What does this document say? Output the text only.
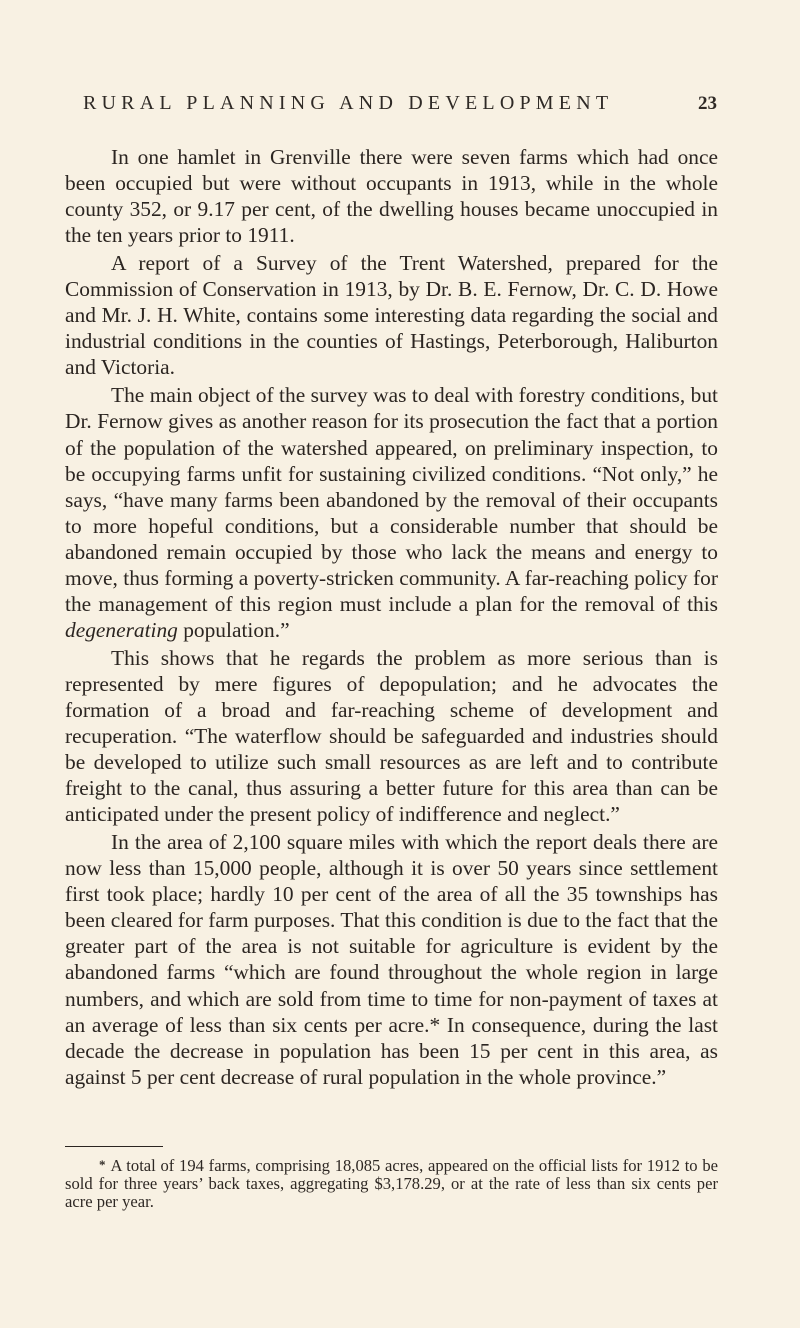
RURAL PLANNING AND DEVELOPMENT	23

In one hamlet in Grenville there were seven farms which had once been occupied but were without occupants in 1913, while in the whole county 352, or 9.17 per cent, of the dwelling houses became unoccupied in the ten years prior to 1911.

A report of a Survey of the Trent Watershed, prepared for the Commission of Conservation in 1913, by Dr. B. E. Fernow, Dr. C. D. Howe and Mr. J. H. White, contains some interesting data regarding the social and industrial conditions in the counties of Hastings, Peterborough, Haliburton and Victoria.

The main object of the survey was to deal with forestry conditions, but Dr. Fernow gives as another reason for its prosecution the fact that a portion of the population of the watershed appeared, on preliminary inspection, to be occupying farms unfit for sustaining civilized conditions. “Not only,” he says, “have many farms been abandoned by the removal of their occupants to more hopeful conditions, but a considerable number that should be abandoned remain occupied by those who lack the means and energy to move, thus forming a poverty-stricken community. A far-reaching policy for the management of this region must include a plan for the removal of this degenerating population.”

This shows that he regards the problem as more serious than is represented by mere figures of depopulation; and he advocates the formation of a broad and far-reaching scheme of development and recuperation. “The waterflow should be safeguarded and industries should be developed to utilize such small resources as are left and to contribute freight to the canal, thus assuring a better future for this area than can be anticipated under the present policy of indifference and neglect.”

In the area of 2,100 square miles with which the report deals there are now less than 15,000 people, although it is over 50 years since settlement first took place; hardly 10 per cent of the area of all the 35 townships has been cleared for farm purposes. That this condition is due to the fact that the greater part of the area is not suitable for agriculture is evident by the abandoned farms “which are found throughout the whole region in large numbers, and which are sold from time to time for non-payment of taxes at an average of less than six cents per acre.* In consequence, during the last decade the decrease in population has been 15 per cent in this area, as against 5 per cent decrease of rural population in the whole province.”

* A total of 194 farms, comprising 18,085 acres, appeared on the official lists for 1912 to be sold for three years’ back taxes, aggregating $3,178.29, or at the rate of less than six cents per acre per year.
